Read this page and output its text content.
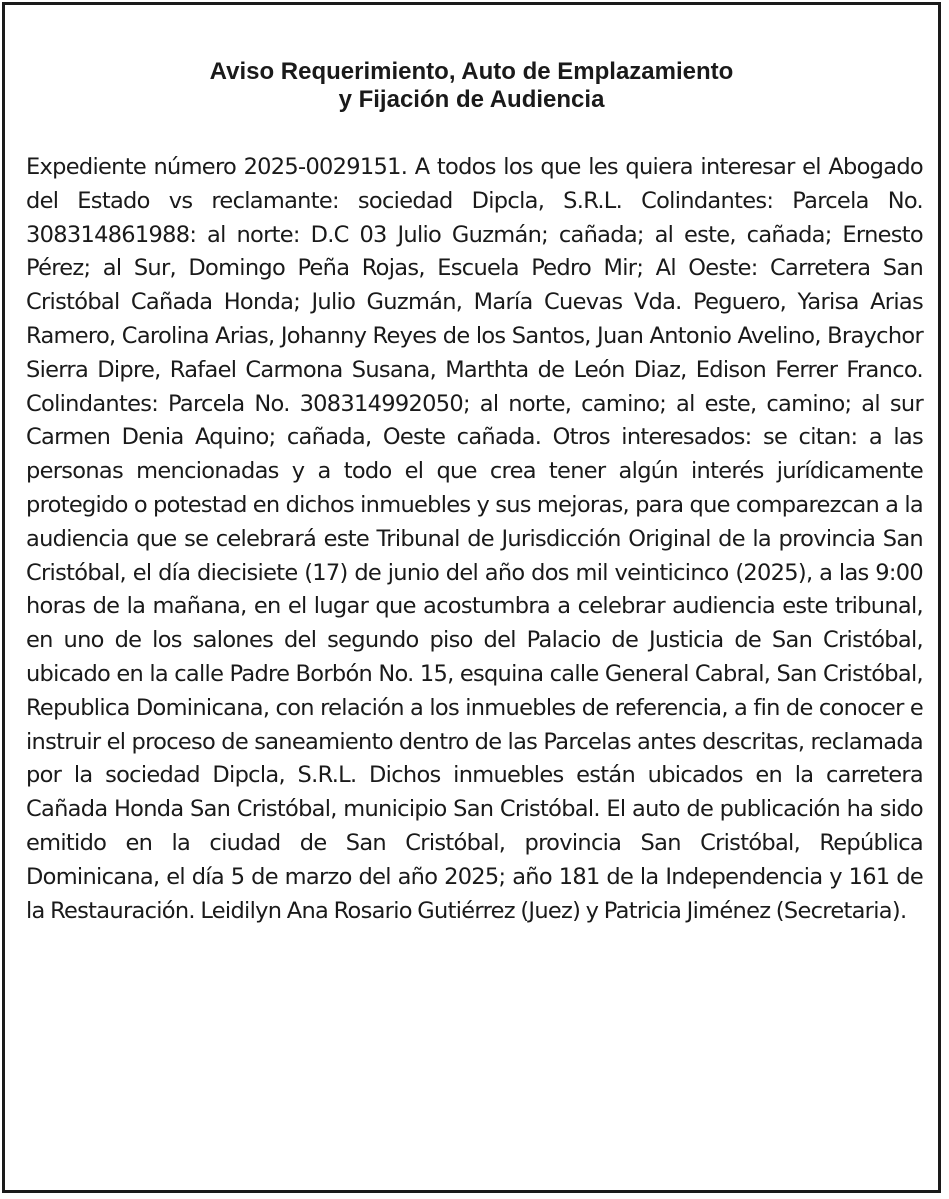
Aviso Requerimiento, Auto de Emplazamiento
y Fijación de Audiencia

Expediente número 2025-0029151. A todos los que les quiera interesar el Abogado del Estado vs reclamante: sociedad Dipcla, S.R.L. Colindantes: Parcela No. 308314861988: al norte: D.C 03 Julio Guzmán; cañada; al este, cañada; Ernesto Pérez; al Sur, Domingo Peña Rojas, Escuela Pedro Mir; Al Oeste: Carretera San Cristóbal Cañada Honda; Julio Guzmán, María Cuevas Vda. Peguero, Yarisa Arias Ramero, Carolina Arias, Johanny Reyes de los Santos, Juan Antonio Avelino, Braychor Sierra Dipre, Rafael Carmona Susana, Marthta de León Diaz, Edison Ferrer Franco. Colindantes: Parcela No. 308314992050; al norte, camino; al este, camino; al sur Carmen Denia Aquino; cañada, Oeste cañada. Otros interesados: se citan: a las personas mencionadas y a todo el que crea tener algún interés jurídicamente protegido o potestad en dichos inmuebles y sus mejoras, para que comparezcan a la audiencia que se celebrará este Tribunal de Jurisdicción Original de la provincia San Cristóbal, el día diecisiete (17) de junio del año dos mil veinticinco (2025), a las 9:00 horas de la mañana, en el lugar que acostumbra a celebrar audiencia este tribunal, en uno de los salones del segundo piso del Palacio de Justicia de San Cristóbal, ubicado en la calle Padre Borbón No. 15, esquina calle General Cabral, San Cristóbal, Republica Dominicana, con relación a los inmuebles de referencia, a fin de conocer e instruir el proceso de saneamiento dentro de las Parcelas antes descritas, reclamada por la sociedad Dipcla, S.R.L. Dichos inmuebles están ubicados en la carretera Cañada Honda San Cristóbal, municipio San Cristóbal. El auto de publicación ha sido emitido en la ciudad de San Cristóbal, provincia San Cristóbal, República Dominicana, el día 5 de marzo del año 2025; año 181 de la Independencia y 161 de la Restauración. Leidilyn Ana Rosario Gutiérrez (Juez) y Patricia Jiménez (Secretaria).
